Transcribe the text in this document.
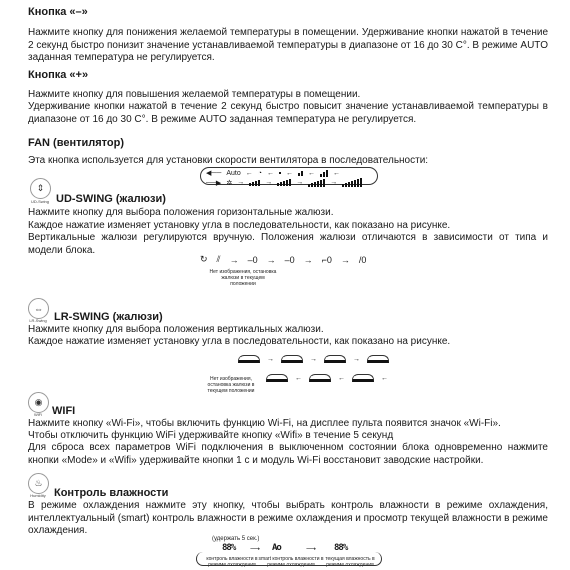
Кнопка «–»

Нажмите кнопку для понижения желаемой температуры в помещении. Удерживание кнопки нажатой в течение 2 секунд быстро понизит значение устанавливаемой температуры в диапазоне от 16 до 30 С°. В режиме AUTO заданная температура не регулируется.

Кнопка «+»

Нажмите кнопку для повышения желаемой температуры в помещении.

Удерживание кнопки нажатой в течение 2 секунд быстро повысит значение устанавливаемой температуры в диапазоне от 16 до 30 С°. В режиме AUTO заданная температура не регулируется.

FAN (вентилятор)

Эта кнопка используется для установки скорости вентилятора в последовательности:

◀── Auto ← ◔ ← ← ←	←
──▶ ✲ →	→	→	→
⇕
UD-Swing UD-SWING (жалюзи)

Нажмите кнопку для выбора положения горизонтальные жалюзи.

Каждое нажатие изменяет установку угла в последовательности, как показано на рисунке.

Вертикальные жалюзи регулируются вручную. Положения жалюзи отличаются в зависимости от типа и модели блока.

↻ ⫽ → ‒0 → ‒0 → ⌐0 → /0
Нет изображения, остановка жалюзи в текущем положении
⇔
LR-Swing LR-SWING (жалюзи)

Нажмите кнопку для выбора положения вертикальных жалюзи.

Каждое нажатие изменяет установку угла в последовательности, как показано на рисунке.

→	→	→
←	←	←
Нет изображения, остановка жалюзи в текущем положении
◉
WiFi WIFI

Нажмите кнопку «Wi-Fi», чтобы включить функцию Wi-Fi, на дисплее пульта появится значок «Wi-Fi».

Чтобы отключить функцию WiFi удерживайте кнопку «Wifi» в течение 5 секунд

Для сброса всех параметров WiFi подключения в выключенном состоянии блока одновременно нажмите кнопки «Mode» и «Wifi» удерживайте кнопки 1 с и модуль Wi-Fi восстановит заводские настройки.

♨
Humidity Контроль влажности

В режиме охлаждения нажмите эту кнопку, чтобы выбрать контроль влажности в режиме охлаждения, интеллектуальный (smart) контроль влажности в режиме охлаждения и просмотр текущей влажности в режиме охлаждения.

(удержать 5 сек.)
88% ⟶ Ao	⟶ 88%
контроль влажности в режиме охлаждения
smart контроль влажности в режиме охлаждения
текущая влажность в режиме охлаждения
